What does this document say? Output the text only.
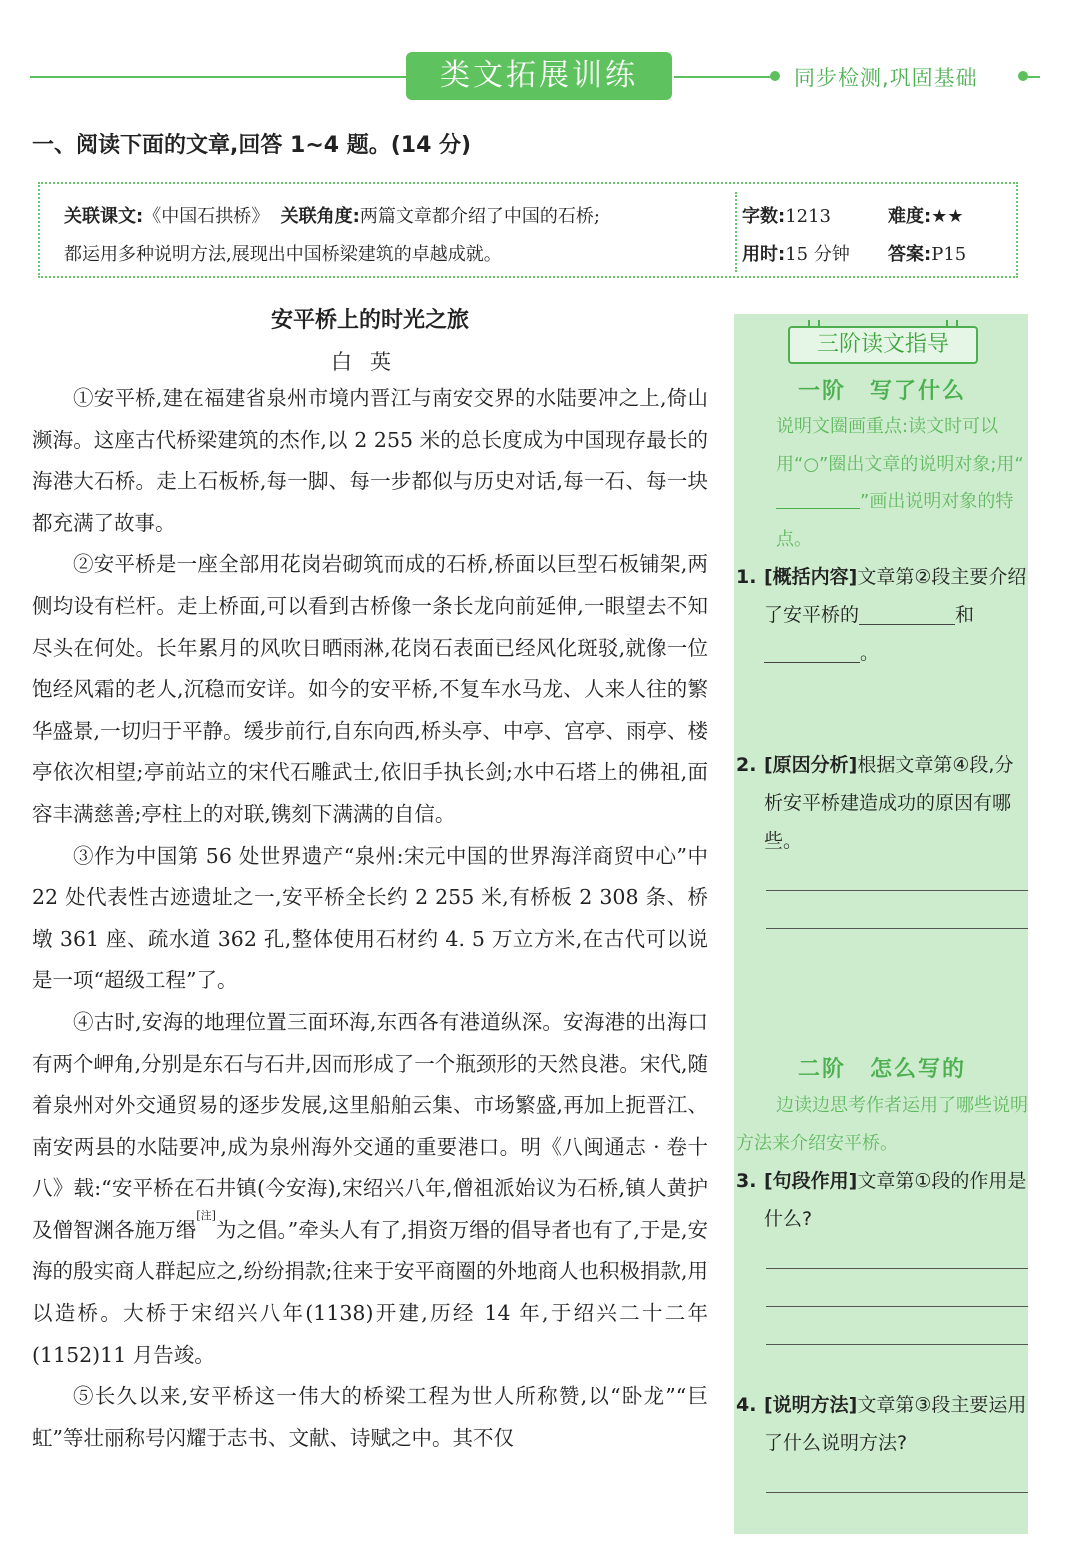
类文拓展训练	同步检测,巩固基础
一、阅读下面的文章,回答 1~4 题。(14 分)
关联课文:《中国石拱桥》 关联角度:两篇文章都介绍了中国的石桥;
都运用多种说明方法,展现出中国桥梁建筑的卓越成就。
字数:1213	难度:★★
用时:15 分钟 答案:P15
安平桥上的时光之旅
白英

①安平桥,建在福建省泉州市境内晋江与南安交界的水陆要冲之上,倚山濒海。这座古代桥梁建筑的杰作,以 2 255 米的总长度成为中国现存最长的海港大石桥。走上石板桥,每一脚、每一步都似与历史对话,每一石、每一块都充满了故事。

②安平桥是一座全部用花岗岩砌筑而成的石桥,桥面以巨型石板铺架,两侧均设有栏杆。走上桥面,可以看到古桥像一条长龙向前延伸,一眼望去不知尽头在何处。长年累月的风吹日晒雨淋,花岗石表面已经风化斑驳,就像一位饱经风霜的老人,沉稳而安详。如今的安平桥,不复车水马龙、人来人往的繁华盛景,一切归于平静。缓步前行,自东向西,桥头亭、中亭、宫亭、雨亭、楼亭依次相望;亭前站立的宋代石雕武士,依旧手执长剑;水中石塔上的佛祖,面容丰满慈善;亭柱上的对联,镌刻下满满的自信。

③作为中国第 56 处世界遗产“泉州:宋元中国的世界海洋商贸中心”中 22 处代表性古迹遗址之一,安平桥全长约 2 255 米,有桥板 2 308 条、桥墩 361 座、疏水道 362 孔,整体使用石材约 4. 5 万立方米,在古代可以说是一项“超级工程”了。

④古时,安海的地理位置三面环海,东西各有港道纵深。安海港的出海口有两个岬角,分别是东石与石井,因而形成了一个瓶颈形的天然良港。宋代,随着泉州对外交通贸易的逐步发展,这里船舶云集、市场繁盛,再加上扼晋江、南安两县的水陆要冲,成为泉州海外交通的重要港口。明《八闽通志 · 卷十八》载:“安平桥在石井镇(今安海),宋绍兴八年,僧祖派始议为石桥,镇人黄护及僧智渊各施万缗[注]为之倡。”牵头人有了,捐资万缗的倡导者也有了,于是,安海的殷实商人群起应之,纷纷捐款;往来于安平商圈的外地商人也积极捐款,用以造桥。大桥于宋绍兴八年(1138)开建,历经 14 年,于绍兴二十二年(1152)11 月告竣。

⑤长久以来,安平桥这一伟大的桥梁工程为世人所称赞,以“卧龙”“巨虹”等壮丽称号闪耀于志书、文献、诗赋之中。其不仅

三阶读文指导
一阶　写了什么
说明文圈画重点:读文时可以用“○”圈出文章的说明对象;用“”画出说明对象的特点。
1. [概括内容]文章第②段主要介绍了安平桥的	和
。
2. [原因分析]根据文章第④段,分析安平桥建造成功的原因有哪些。
二阶　怎么写的
边读边思考作者运用了哪些说明方法来介绍安平桥。
3. [句段作用]文章第①段的作用是什么?
4. [说明方法]文章第③段主要运用了什么说明方法?
